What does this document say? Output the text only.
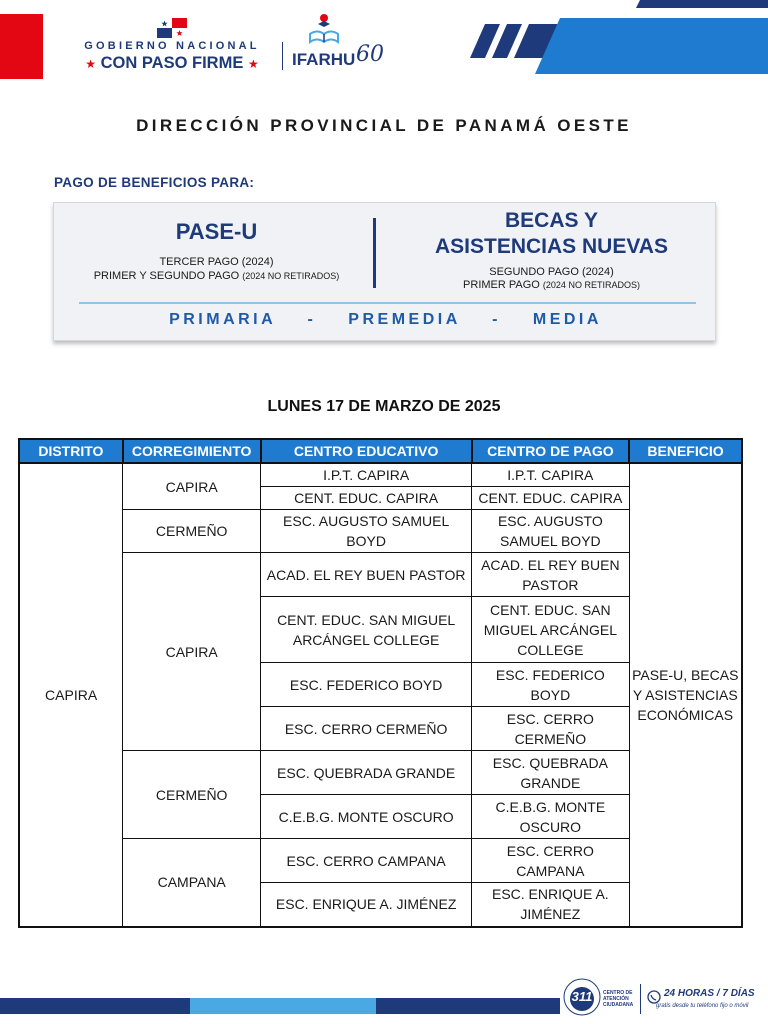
GOBIERNO NACIONAL
★ CON PASO FIRME ★	IFARHU 60
DIRECCIÓN PROVINCIAL DE PANAMÁ OESTE
PAGO DE BENEFICIOS PARA:
PASE-U
TERCER PAGO (2024)
PRIMER Y SEGUNDO PAGO (2024 NO RETIRADOS)
BECAS Y
ASISTENCIAS NUEVAS
SEGUNDO PAGO (2024)
PRIMER PAGO (2024 NO RETIRADOS)
PRIMARIA - PREMEDIA - MEDIA
LUNES 17 DE MARZO DE 2025
DISTRITO	CORREGIMIENTO	CENTRO EDUCATIVO	CENTRO DE PAGO	BENEFICIO
CAPIRA	CAPIRA	I.P.T. CAPIRA	I.P.T. CAPIRA	PASE-U, BECAS Y ASISTENCIAS ECONÓMICAS
		CENT. EDUC. CAPIRA	CENT. EDUC. CAPIRA	
	CERMEÑO	ESC. AUGUSTO SAMUEL BOYD	ESC. AUGUSTO SAMUEL BOYD	
	CAPIRA	ACAD. EL REY BUEN PASTOR	ACAD. EL REY BUEN PASTOR	
		CENT. EDUC. SAN MIGUEL ARCÁNGEL COLLEGE	CENT. EDUC. SAN MIGUEL ARCÁNGEL COLLEGE	
		ESC. FEDERICO BOYD	ESC. FEDERICO BOYD	
		ESC. CERRO CERMEÑO	ESC. CERRO CERMEÑO	
	CERMEÑO	ESC. QUEBRADA GRANDE	ESC. QUEBRADA GRANDE	
		C.E.B.G. MONTE OSCURO	C.E.B.G. MONTE OSCURO	
	CAMPANA	ESC. CERRO CAMPANA	ESC. CERRO CAMPANA	
		ESC. ENRIQUE A. JIMÉNEZ	ESC. ENRIQUE A. JIMÉNEZ	
311	CENTRO DE ATENCIÓN CIUDADANA
24 HORAS / 7 DÍAS
gratis desde tu teléfono fijo o móvil
